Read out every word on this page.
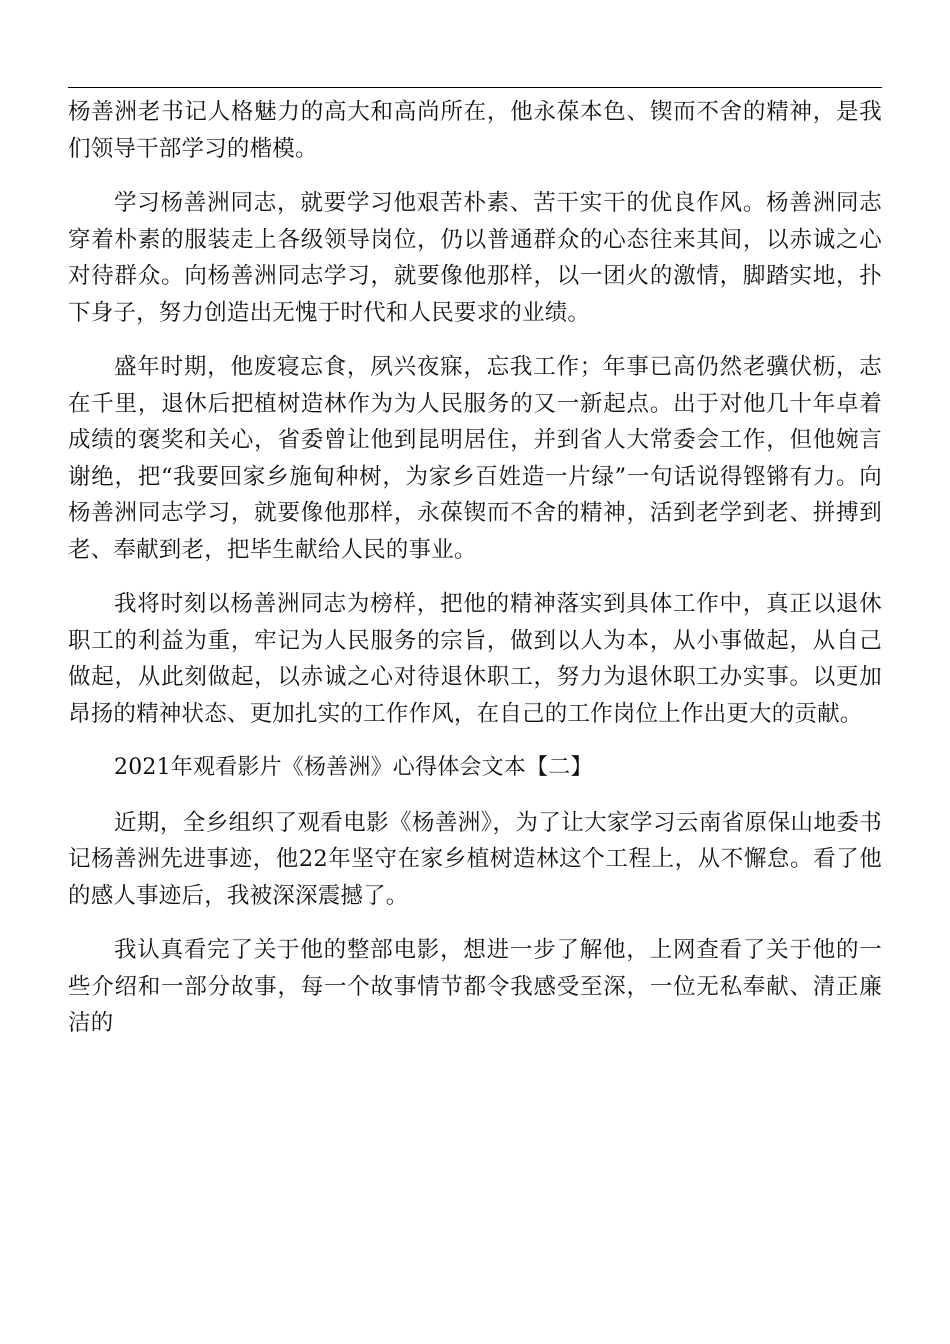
杨善洲老书记人格魅力的高大和高尚所在，他永葆本色、锲而不舍的精神，是我们领导干部学习的楷模。

学习杨善洲同志，就要学习他艰苦朴素、苦干实干的优良作风。杨善洲同志穿着朴素的服装走上各级领导岗位，仍以普通群众的心态往来其间，以赤诚之心对待群众。向杨善洲同志学习，就要像他那样，以一团火的激情，脚踏实地，扑下身子，努力创造出无愧于时代和人民要求的业绩。

盛年时期，他废寝忘食，夙兴夜寐，忘我工作；年事已高仍然老骥伏枥，志在千里，退休后把植树造林作为为人民服务的又一新起点。出于对他几十年卓着成绩的褒奖和关心，省委曾让他到昆明居住，并到省人大常委会工作，但他婉言谢绝，把“我要回家乡施甸种树，为家乡百姓造一片绿”一句话说得铿锵有力。向杨善洲同志学习，就要像他那样，永葆锲而不舍的精神，活到老学到老、拼搏到老、奉献到老，把毕生献给人民的事业。

我将时刻以杨善洲同志为榜样，把他的精神落实到具体工作中，真正以退休职工的利益为重，牢记为人民服务的宗旨，做到以人为本，从小事做起，从自己做起，从此刻做起，以赤诚之心对待退休职工，努力为退休职工办实事。以更加昂扬的精神状态、更加扎实的工作作风，在自己的工作岗位上作出更大的贡献。

2021年观看影片《杨善洲》心得体会文本【二】

近期，全乡组织了观看电影《杨善洲》，为了让大家学习云南省原保山地委书记杨善洲先进事迹，他22年坚守在家乡植树造林这个工程上，从不懈怠。看了他的感人事迹后，我被深深震撼了。

我认真看完了关于他的整部电影，想进一步了解他，上网查看了关于他的一些介绍和一部分故事，每一个故事情节都令我感受至深，一位无私奉献、清正廉洁的
